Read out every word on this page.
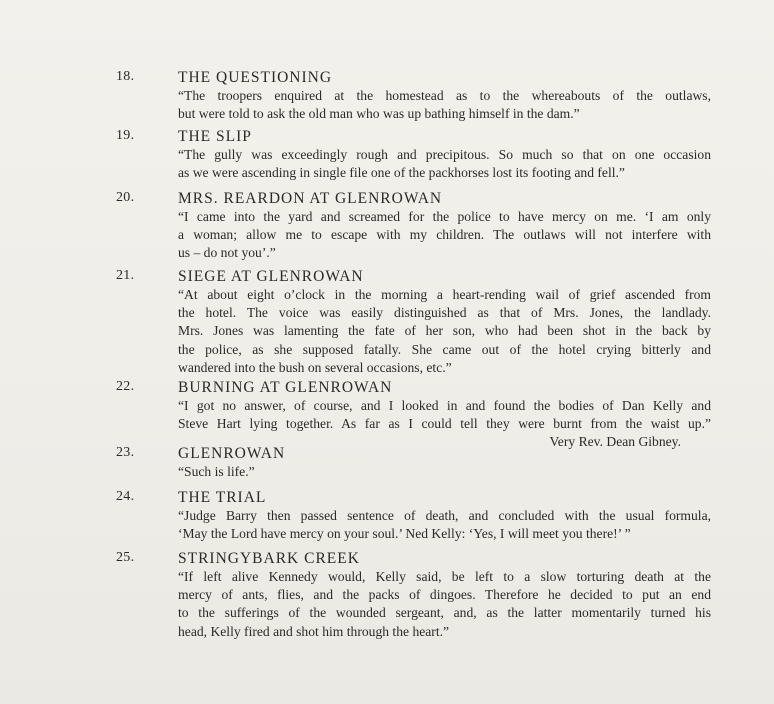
18.	THE QUESTIONING
“The troopers enquired at the homestead as to the whereabouts of the outlaws,
but were told to ask the old man who was up bathing himself in the dam.”
19.	THE SLIP
“The gully was exceedingly rough and precipitous. So much so that on one occasion
as we were ascending in single file one of the packhorses lost its footing and fell.”
20.	MRS. REARDON AT GLENROWAN
“I came into the yard and screamed for the police to have mercy on me. ‘I am only
a woman; allow me to escape with my children. The outlaws will not interfere with
us – do not you’.”
21.	SIEGE AT GLENROWAN
“At about eight o’clock in the morning a heart-rending wail of grief ascended from
the hotel. The voice was easily distinguished as that of Mrs. Jones, the landlady.
Mrs. Jones was lamenting the fate of her son, who had been shot in the back by
the police, as she supposed fatally. She came out of the hotel crying bitterly and
wandered into the bush on several occasions, etc.”
22.	BURNING AT GLENROWAN
“I got no answer, of course, and I looked in and found the bodies of Dan Kelly and
Steve Hart lying together. As far as I could tell they were burnt from the waist up.”
Very Rev. Dean Gibney.
23.	GLENROWAN
“Such is life.”
24.	THE TRIAL
“Judge Barry then passed sentence of death, and concluded with the usual formula,
‘May the Lord have mercy on your soul.’ Ned Kelly: ‘Yes, I will meet you there!’ ”
25.	STRINGYBARK CREEK
“If left alive Kennedy would, Kelly said, be left to a slow torturing death at the
mercy of ants, flies, and the packs of dingoes. Therefore he decided to put an end
to the sufferings of the wounded sergeant, and, as the latter momentarily turned his
head, Kelly fired and shot him through the heart.”
